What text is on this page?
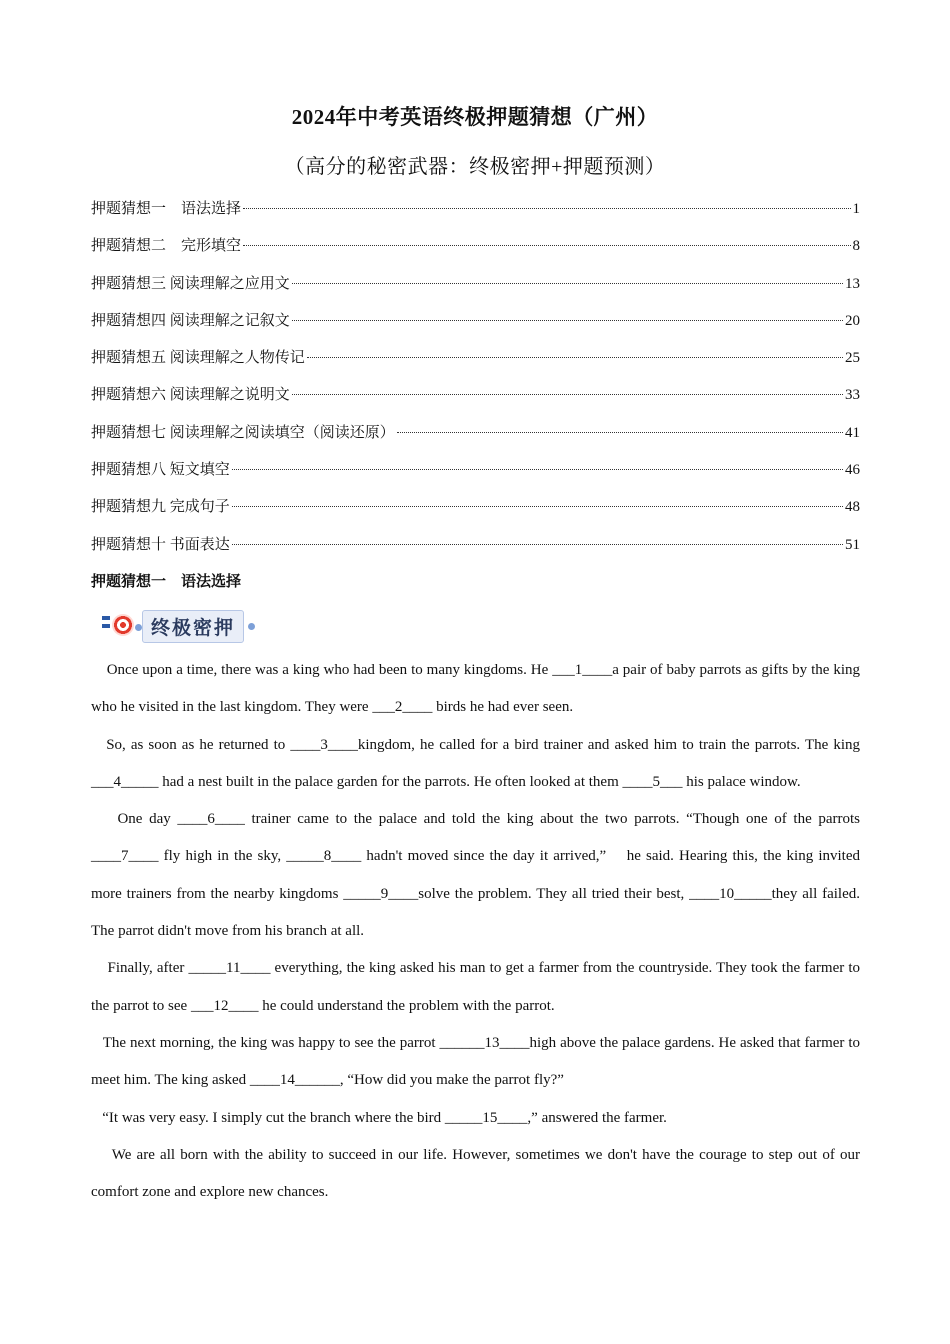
2024年中考英语终极押题猜想（广州）
（高分的秘密武器：终极密押+押题预测）
押题猜想一　语法选择	1
押题猜想二　完形填空	8
押题猜想三 阅读理解之应用文	13
押题猜想四 阅读理解之记叙文	20
押题猜想五 阅读理解之人物传记	25
押题猜想六 阅读理解之说明文	33
押题猜想七 阅读理解之阅读填空（阅读还原）	41
押题猜想八 短文填空	46
押题猜想九 完成句子	48
押题猜想十 书面表达	51
押题猜想一　语法选择
终极密押

Once upon a time, there was a king who had been to many kingdoms. He ___1____a pair of baby parrots as gifts by the king who he visited in the last kingdom. They were ___2____ birds he had ever seen.

So, as soon as he returned to ____3____kingdom, he called for a bird trainer and asked him to train the parrots. The king ___4_____ had a nest built in the palace garden for the parrots. He often looked at them ____5___ his palace window.

One day ____6____ trainer came to the palace and told the king about the two parrots. “Though one of the parrots ____7____ fly high in the sky, _____8____ hadn't moved since the day it arrived,”    he said. Hearing this, the king invited more trainers from the nearby kingdoms _____9____solve the problem. They all tried their best, ____10_____they all failed. The parrot didn't move from his branch at all.

Finally, after _____11____ everything, the king asked his man to get a farmer from the countryside. They took the farmer to the parrot to see ___12____ he could understand the problem with the parrot.

The next morning, the king was happy to see the parrot ______13____high above the palace gardens. He asked that farmer to meet him. The king asked ____14______, “How did you make the parrot fly?”

“It was very easy. I simply cut the branch where the bird _____15____,” answered the farmer.

We are all born with the ability to succeed in our life. However, sometimes we don't have the courage to step out of our comfort zone and explore new chances.
